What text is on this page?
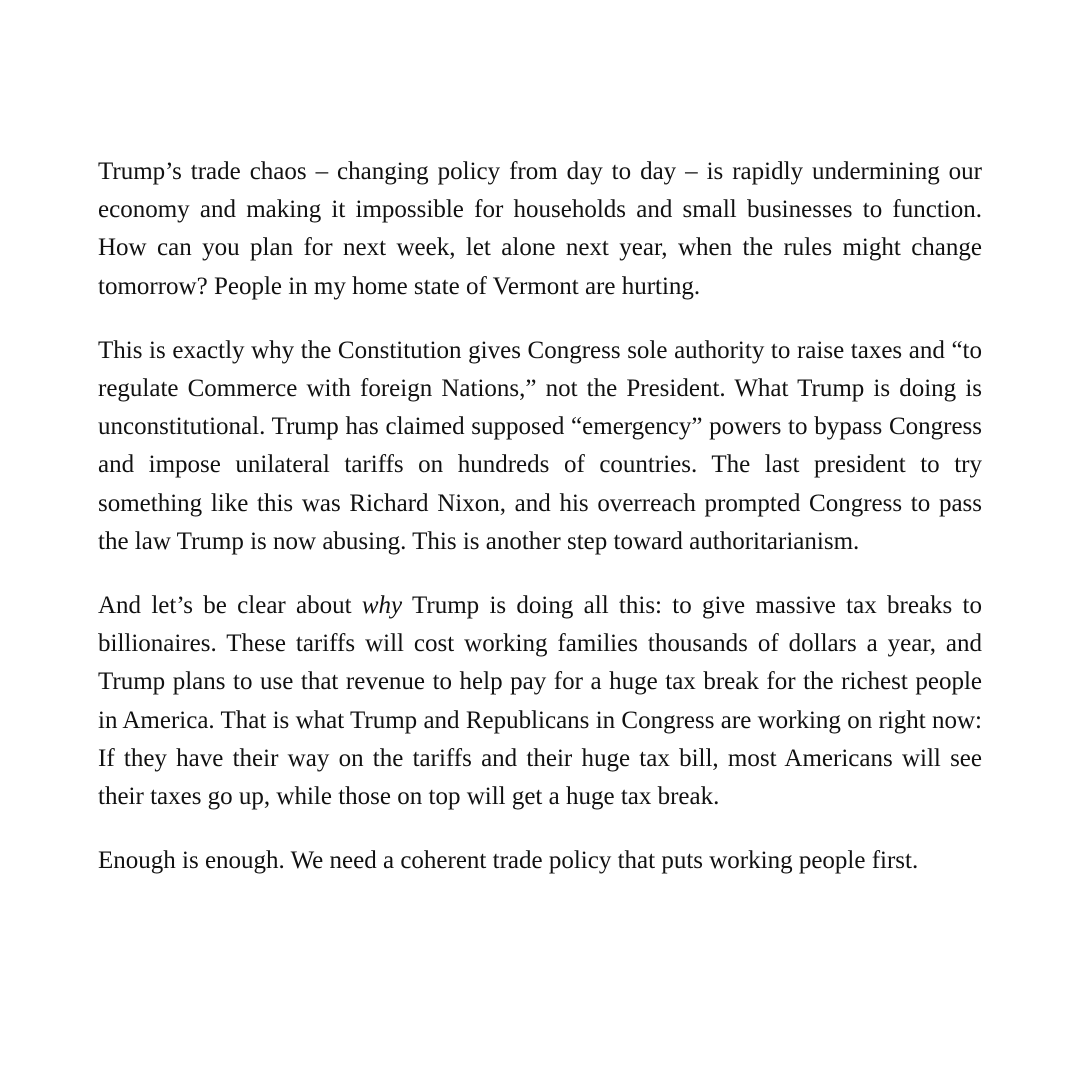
Trump’s trade chaos – changing policy from day to day – is rapidly undermining our economy and making it impossible for households and small businesses to function. How can you plan for next week, let alone next year, when the rules might change tomorrow? People in my home state of Vermont are hurting.

This is exactly why the Constitution gives Congress sole authority to raise taxes and “to regulate Commerce with foreign Nations,” not the President. What Trump is doing is unconstitutional. Trump has claimed supposed “emergency” powers to bypass Congress and impose unilateral tariffs on hundreds of countries. The last president to try something like this was Richard Nixon, and his overreach prompted Congress to pass the law Trump is now abusing. This is another step toward authoritarianism.

And let’s be clear about why Trump is doing all this: to give massive tax breaks to billionaires. These tariffs will cost working families thousands of dollars a year, and Trump plans to use that revenue to help pay for a huge tax break for the richest people in America. That is what Trump and Republicans in Congress are working on right now: If they have their way on the tariffs and their huge tax bill, most Americans will see their taxes go up, while those on top will get a huge tax break.

Enough is enough. We need a coherent trade policy that puts working people first.
